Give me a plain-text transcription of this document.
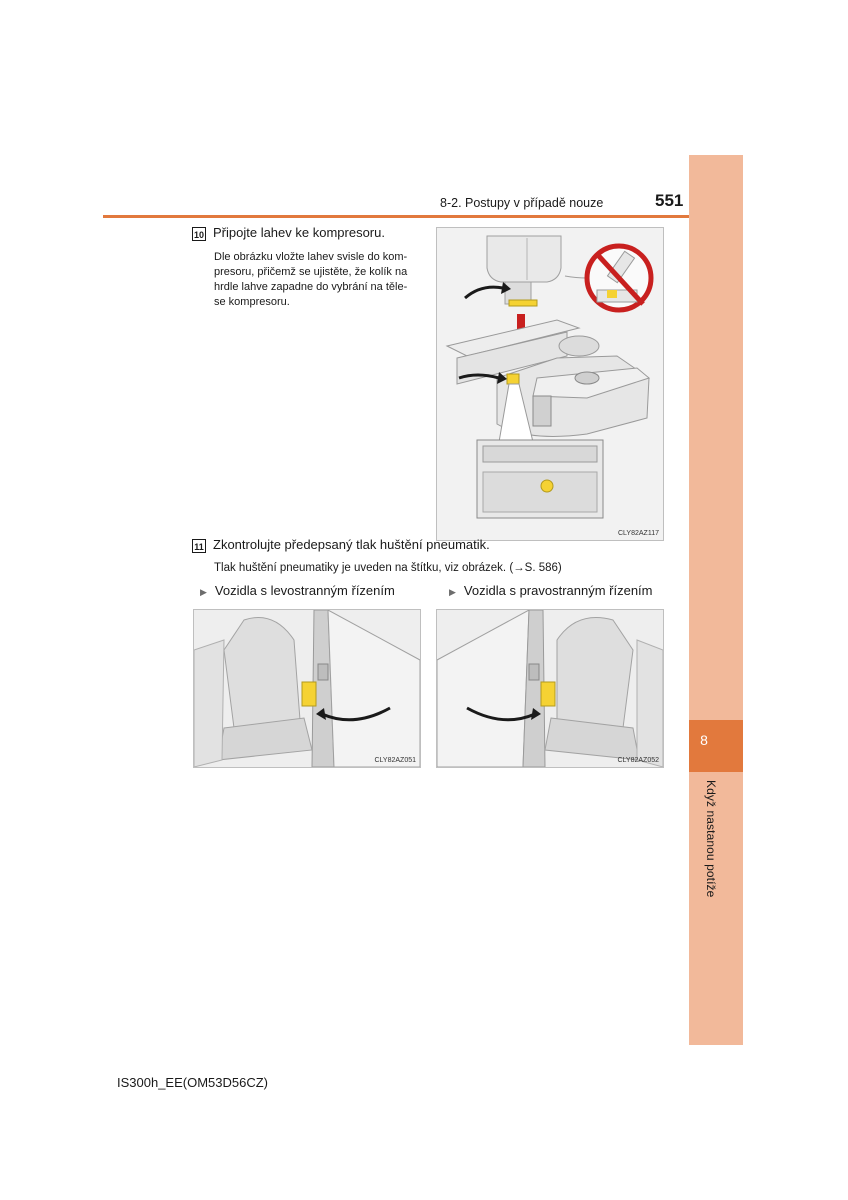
8
Když nastanou potíže
8-2. Postupy v případě nouze	551
10 Připojte lahev ke kompresoru.
Dle obrázku vložte lahev svisle do kom-
presoru, přičemž se ujistěte, že kolík na
hrdle lahve zapadne do vybrání na těle-
se kompresoru.
CLY82AZ117
11 Zkontrolujte předepsaný tlak huštění pneumatik.
Tlak huštění pneumatiky je uveden na štítku, viz obrázek. (→S. 586)
▶ Vozidla s levostranným řízením	▶ Vozidla s pravostranným řízením
CLY82AZ051	CLY82AZ052
IS300h_EE(OM53D56CZ)
